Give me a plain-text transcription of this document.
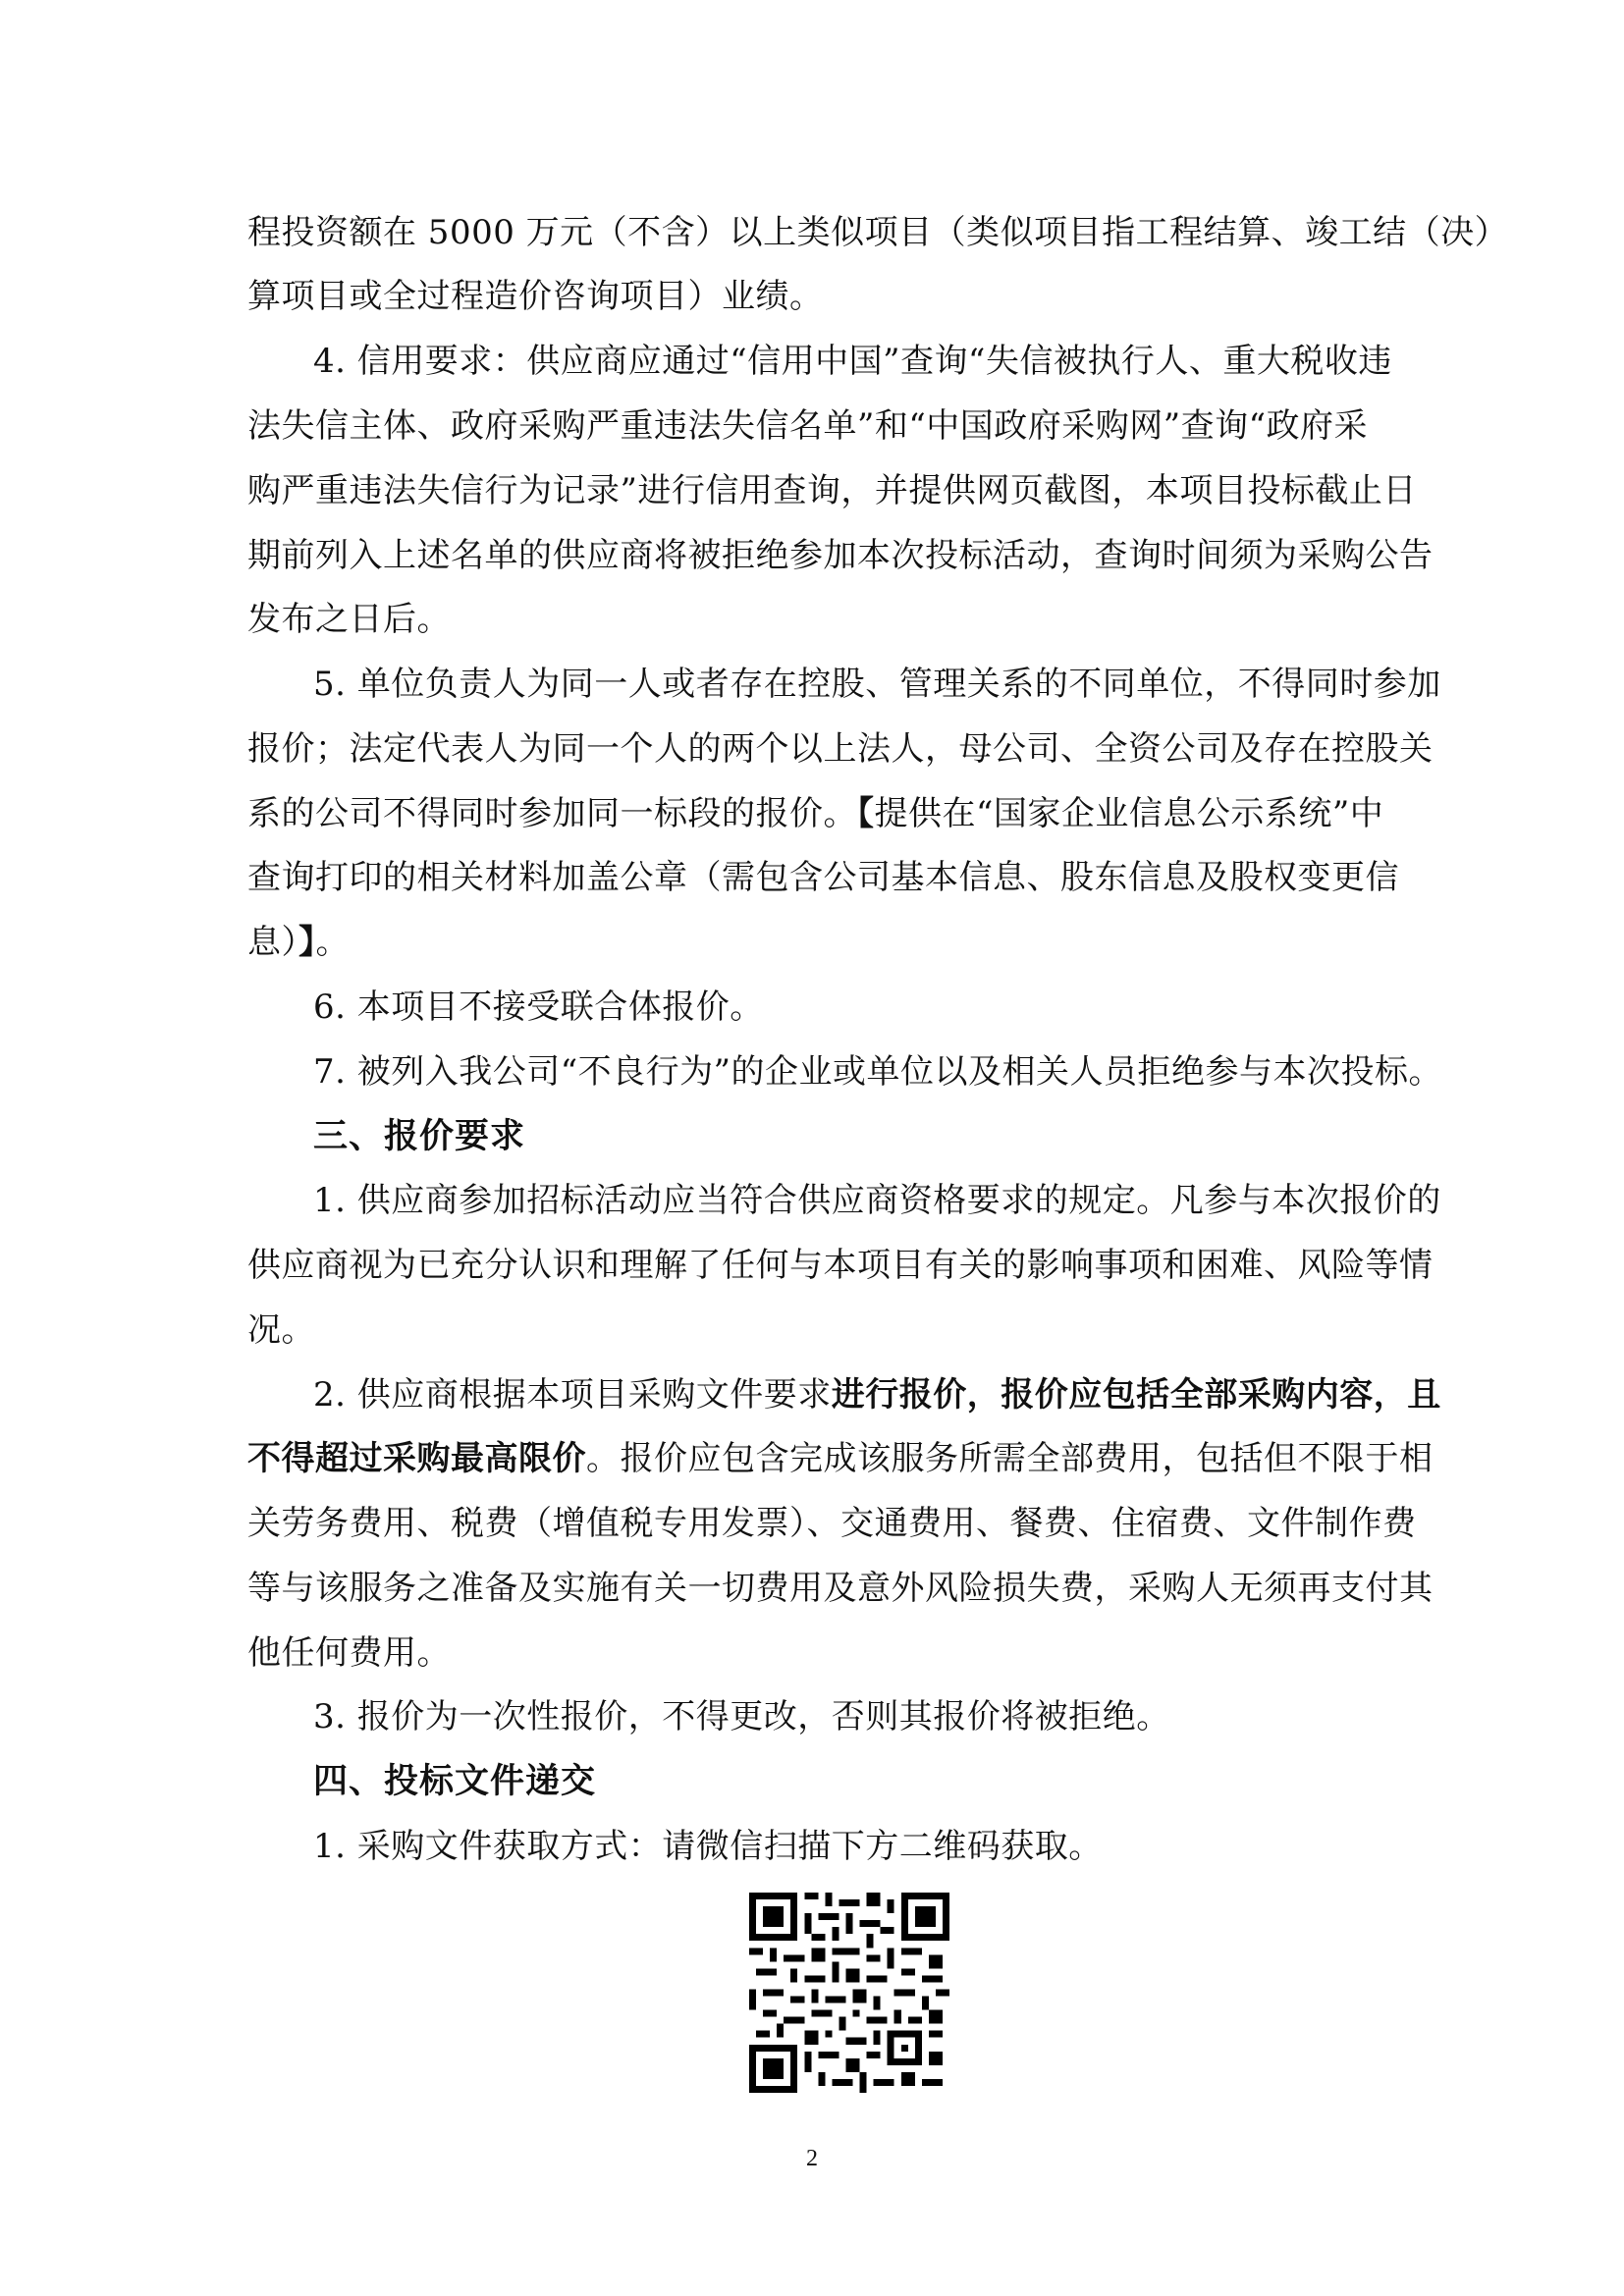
程投资额在 5000 万元（不含）以上类似项目（类似项目指工程结算、竣工结（决）
算项目或全过程造价咨询项目）业绩。
4. 信用要求：供应商应通过“信用中国”查询“失信被执行人、重大税收违
法失信主体、政府采购严重违法失信名单”和“中国政府采购网”查询“政府采
购严重违法失信行为记录”进行信用查询，并提供网页截图，本项目投标截止日
期前列入上述名单的供应商将被拒绝参加本次投标活动，查询时间须为采购公告
发布之日后。
5. 单位负责人为同一人或者存在控股、管理关系的不同单位，不得同时参加
报价；法定代表人为同一个人的两个以上法人，母公司、全资公司及存在控股关
系的公司不得同时参加同一标段的报价。【提供在“国家企业信息公示系统”中
查询打印的相关材料加盖公章（需包含公司基本信息、股东信息及股权变更信
息）】。
6. 本项目不接受联合体报价。
7. 被列入我公司“不良行为”的企业或单位以及相关人员拒绝参与本次投标。
三、报价要求
1. 供应商参加招标活动应当符合供应商资格要求的规定。凡参与本次报价的
供应商视为已充分认识和理解了任何与本项目有关的影响事项和困难、风险等情
况。
2. 供应商根据本项目采购文件要求进行报价，报价应包括全部采购内容，且
不得超过采购最高限价。报价应包含完成该服务所需全部费用，包括但不限于相
关劳务费用、税费（增值税专用发票）、交通费用、餐费、住宿费、文件制作费
等与该服务之准备及实施有关一切费用及意外风险损失费，采购人无须再支付其
他任何费用。
3. 报价为一次性报价，不得更改，否则其报价将被拒绝。
四、投标文件递交
1. 采购文件获取方式：请微信扫描下方二维码获取。
2
